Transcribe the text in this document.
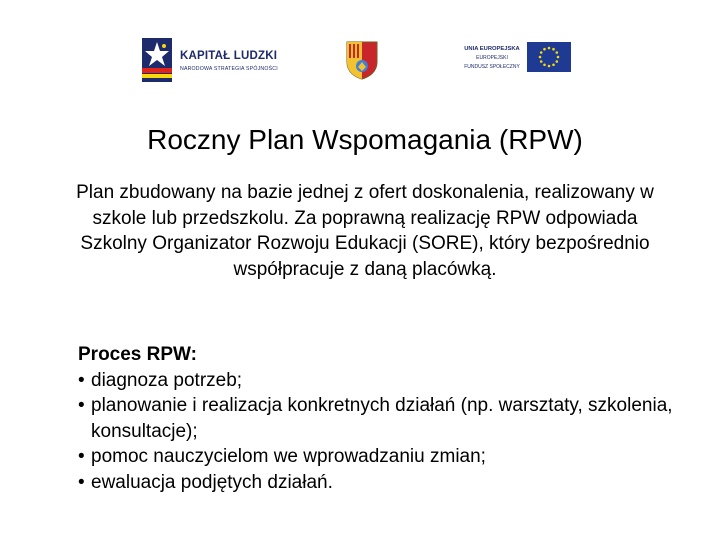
KAPITAŁ LUDZKI
NARODOWA STRATEGIA SPÓJNOŚCI
UNIA EUROPEJSKA
EUROPEJSKI
FUNDUSZ SPOŁECZNY
Roczny Plan Wspomagania (RPW)
Plan zbudowany na bazie jednej z ofert doskonalenia, realizowany w szkole lub przedszkolu. Za poprawną realizację RPW odpowiada Szkolny Organizator Rozwoju Edukacji (SORE), który bezpośrednio współpracuje z daną placówką.
Proces RPW:
• diagnoza potrzeb;
• planowanie i realizacja konkretnych działań (np. warsztaty, szkolenia, konsultacje);
• pomoc nauczycielom we wprowadzaniu zmian;
• ewaluacja podjętych działań.
